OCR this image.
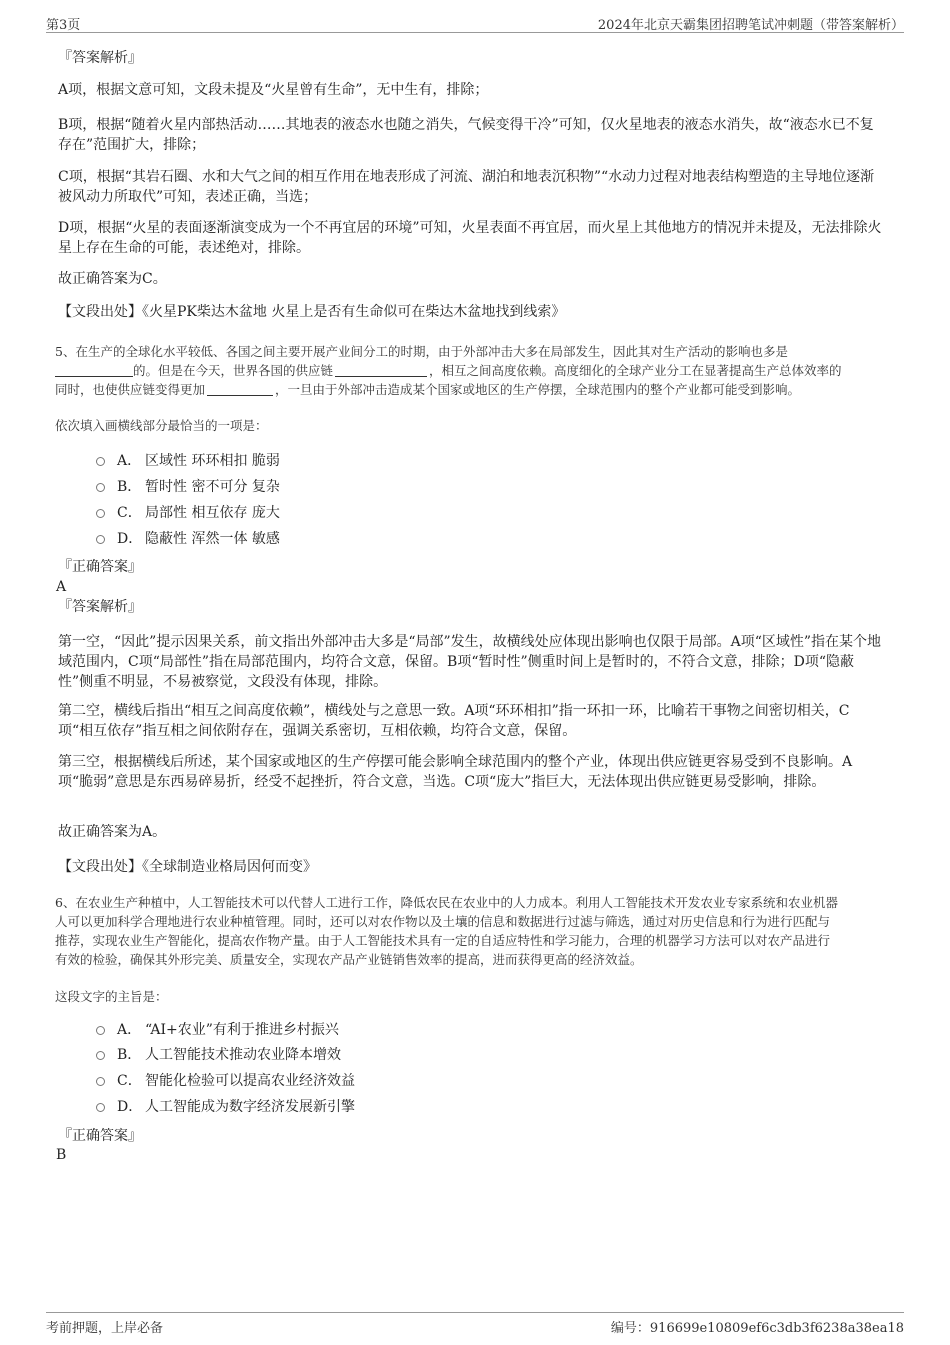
第3页	2024年北京天霸集团招聘笔试冲刺题（带答案解析）
『答案解析』
A项，根据文意可知，文段未提及“火星曾有生命”，无中生有，排除；
B项，根据“随着火星内部热活动……其地表的液态水也随之消失，气候变得干冷”可知，仅火星地表的液态水消失，故“液态水已不复存在”范围扩大，排除；
C项，根据“其岩石圈、水和大气之间的相互作用在地表形成了河流、湖泊和地表沉积物”“水动力过程对地表结构塑造的主导地位逐渐被风动力所取代”可知，表述正确，当选；
D项，根据“火星的表面逐渐演变成为一个不再宜居的环境”可知，火星表面不再宜居，而火星上其他地方的情况并未提及，无法排除火星上存在生命的可能，表述绝对，排除。
故正确答案为C。
【文段出处】《火星PK柴达木盆地 火星上是否有生命似可在柴达木盆地找到线索》
5、在生产的全球化水平较低、各国之间主要开展产业间分工的时期，由于外部冲击大多在局部发生，因此其对生产活动的影响也多是
的。但是在今天，世界各国的供应链	，相互之间高度依赖。高度细化的全球产业分工在显著提高生产总体效率的
同时，也使供应链变得更加	，一旦由于外部冲击造成某个国家或地区的生产停摆，全球范围内的整个产业都可能受到影响。
依次填入画横线部分最恰当的一项是：
A． 区域性 环环相扣 脆弱
B． 暂时性 密不可分 复杂
C． 局部性 相互依存 庞大
D． 隐蔽性 浑然一体 敏感
『正确答案』
A
『答案解析』
第一空，“因此”提示因果关系，前文指出外部冲击大多是“局部”发生，故横线处应体现出影响也仅限于局部。A项“区域性”指在某个地域范围内，C项“局部性”指在局部范围内，均符合文意，保留。B项“暂时性”侧重时间上是暂时的，不符合文意，排除；D项“隐蔽性”侧重不明显，不易被察觉，文段没有体现，排除。
第二空，横线后指出“相互之间高度依赖”，横线处与之意思一致。A项“环环相扣”指一环扣一环，比喻若干事物之间密切相关，C项“相互依存”指互相之间依附存在，强调关系密切，互相依赖，均符合文意，保留。
第三空，根据横线后所述，某个国家或地区的生产停摆可能会影响全球范围内的整个产业，体现出供应链更容易受到不良影响。A项“脆弱”意思是东西易碎易折，经受不起挫折，符合文意，当选。C项“庞大”指巨大，无法体现出供应链更易受影响，排除。
故正确答案为A。
【文段出处】《全球制造业格局因何而变》
6、在农业生产种植中，人工智能技术可以代替人工进行工作，降低农民在农业中的人力成本。利用人工智能技术开发农业专家系统和农业机器
人可以更加科学合理地进行农业种植管理。同时，还可以对农作物以及土壤的信息和数据进行过滤与筛选，通过对历史信息和行为进行匹配与
推荐，实现农业生产智能化，提高农作物产量。由于人工智能技术具有一定的自适应特性和学习能力，合理的机器学习方法可以对农产品进行
有效的检验，确保其外形完美、质量安全，实现农产品产业链销售效率的提高，进而获得更高的经济效益。
这段文字的主旨是：
A． “AI+农业”有利于推进乡村振兴
B． 人工智能技术推动农业降本增效
C． 智能化检验可以提高农业经济效益
D． 人工智能成为数字经济发展新引擎
『正确答案』
B
考前押题，上岸必备	编号：916699e10809ef6c3db3f6238a38ea18
